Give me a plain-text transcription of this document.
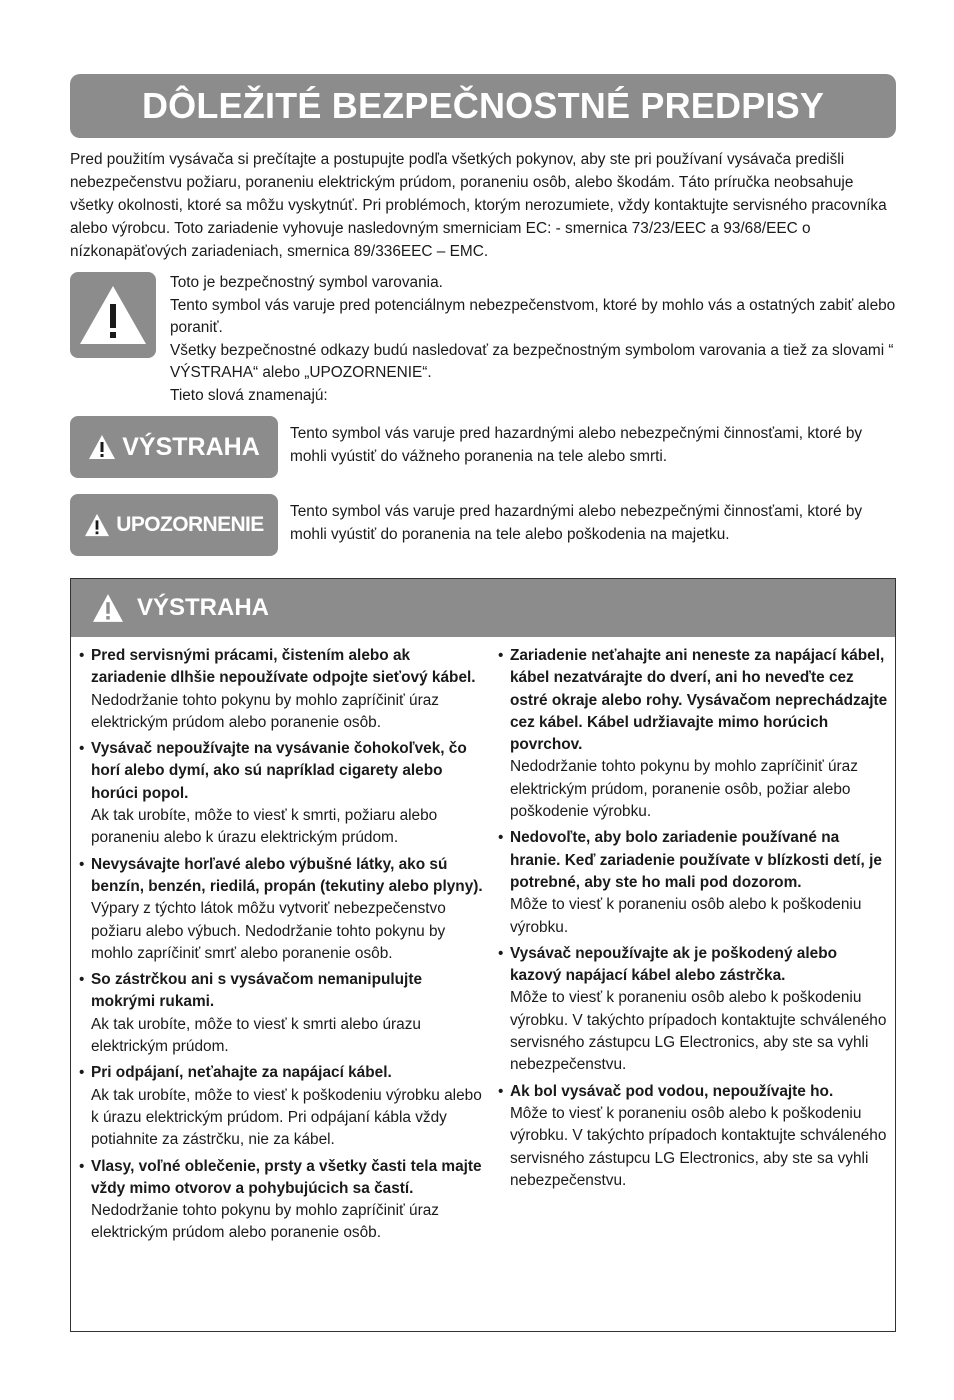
DÔLEŽITÉ BEZPEČNOSTNÉ PREDPISY
Pred použitím vysávača si prečítajte a postupujte podľa všetkých pokynov, aby ste pri používaní vysávača predišli nebezpečenstvu požiaru, poraneniu elektrickým prúdom, poraneniu osôb, alebo škodám. Táto príručka neobsahuje všetky okolnosti, ktoré sa môžu vyskytnúť. Pri problémoch, ktorým nerozumiete, vždy kontaktujte servisného pracovníka alebo výrobcu. Toto zariadenie vyhovuje nasledovným smerniciam EC: - smernica 73/23/EEC a 93/68/EEC o nízkonapäťových zariadeniach, smernica 89/336EEC – EMC.
Toto je bezpečnostný symbol varovania.
Tento symbol vás varuje pred potenciálnym nebezpečenstvom, ktoré by mohlo vás a ostatných zabiť alebo poraniť.
Všetky bezpečnostné odkazy budú nasledovať za bezpečnostným symbolom varovania a tiež za slovami “ VÝSTRAHA“ alebo „UPOZORNENIE“.
Tieto slová znamenajú:
VÝSTRAHA Tento symbol vás varuje pred hazardnými alebo nebezpečnými činnosťami, ktoré by mohli vyústiť do vážneho poranenia na tele alebo smrti.
UPOZORNENIE
Tento symbol vás varuje pred hazardnými alebo nebezpečnými činnosťami, ktoré by mohli vyústiť do poranenia na tele alebo poškodenia na majetku.
VÝSTRAHA
• Pred servisnými prácami, čistením alebo ak zariadenie dlhšie nepoužívate odpojte sieťový kábel.
Nedodržanie tohto pokynu by mohlo zapríčiniť úraz elektrickým prúdom alebo poranenie osôb.
• Vysávač nepoužívajte na vysávanie čohokoľvek, čo horí alebo dymí, ako sú napríklad cigarety alebo horúci popol.
Ak tak urobíte, môže to viesť k smrti, požiaru alebo poraneniu alebo k úrazu elektrickým prúdom.
• Nevysávajte horľavé alebo výbušné látky, ako sú benzín, benzén, riedilá, propán (tekutiny alebo plyny).
Výpary z týchto látok môžu vytvoriť nebezpečenstvo požiaru alebo výbuch. Nedodržanie tohto pokynu by mohlo zapríčiniť smrť alebo poranenie osôb.
• So zástrčkou ani s vysávačom nemanipulujte mokrými rukami.
Ak tak urobíte, môže to viesť k smrti alebo úrazu elektrickým prúdom.
• Pri odpájaní, neťahajte za napájací kábel.
Ak tak urobíte, môže to viesť k poškodeniu výrobku alebo k úrazu elektrickým prúdom. Pri odpájaní kábla vždy potiahnite za zástrčku, nie za kábel.
• Vlasy, voľné oblečenie, prsty a všetky časti tela majte vždy mimo otvorov a pohybujúcich sa častí.
Nedodržanie tohto pokynu by mohlo zapríčiniť úraz elektrickým prúdom alebo poranenie osôb.
• Zariadenie neťahajte ani neneste za napájací kábel, kábel nezatvárajte do dverí, ani ho neveďte cez ostré okraje alebo rohy. Vysávačom neprechádzajte cez kábel. Kábel udržiavajte mimo horúcich povrchov.
Nedodržanie tohto pokynu by mohlo zapríčiniť úraz elektrickým prúdom, poranenie osôb, požiar alebo poškodenie výrobku.
• Nedovoľte, aby bolo zariadenie používané na hranie. Keď zariadenie používate v blízkosti detí, je potrebné, aby ste ho mali pod dozorom.
Môže to viesť k poraneniu osôb alebo k poškodeniu výrobku.
• Vysávač nepoužívajte ak je poškodený alebo kazový napájací kábel alebo zástrčka.
Môže to viesť k poraneniu osôb alebo k poškodeniu výrobku. V takýchto prípadoch kontaktujte schváleného servisného zástupcu LG Electronics, aby ste sa vyhli nebezpečenstvu.
• Ak bol vysávač pod vodou, nepoužívajte ho.
Môže to viesť k poraneniu osôb alebo k poškodeniu výrobku. V takýchto prípadoch kontaktujte schváleného servisného zástupcu LG Electronics, aby ste sa vyhli nebezpečenstvu.
